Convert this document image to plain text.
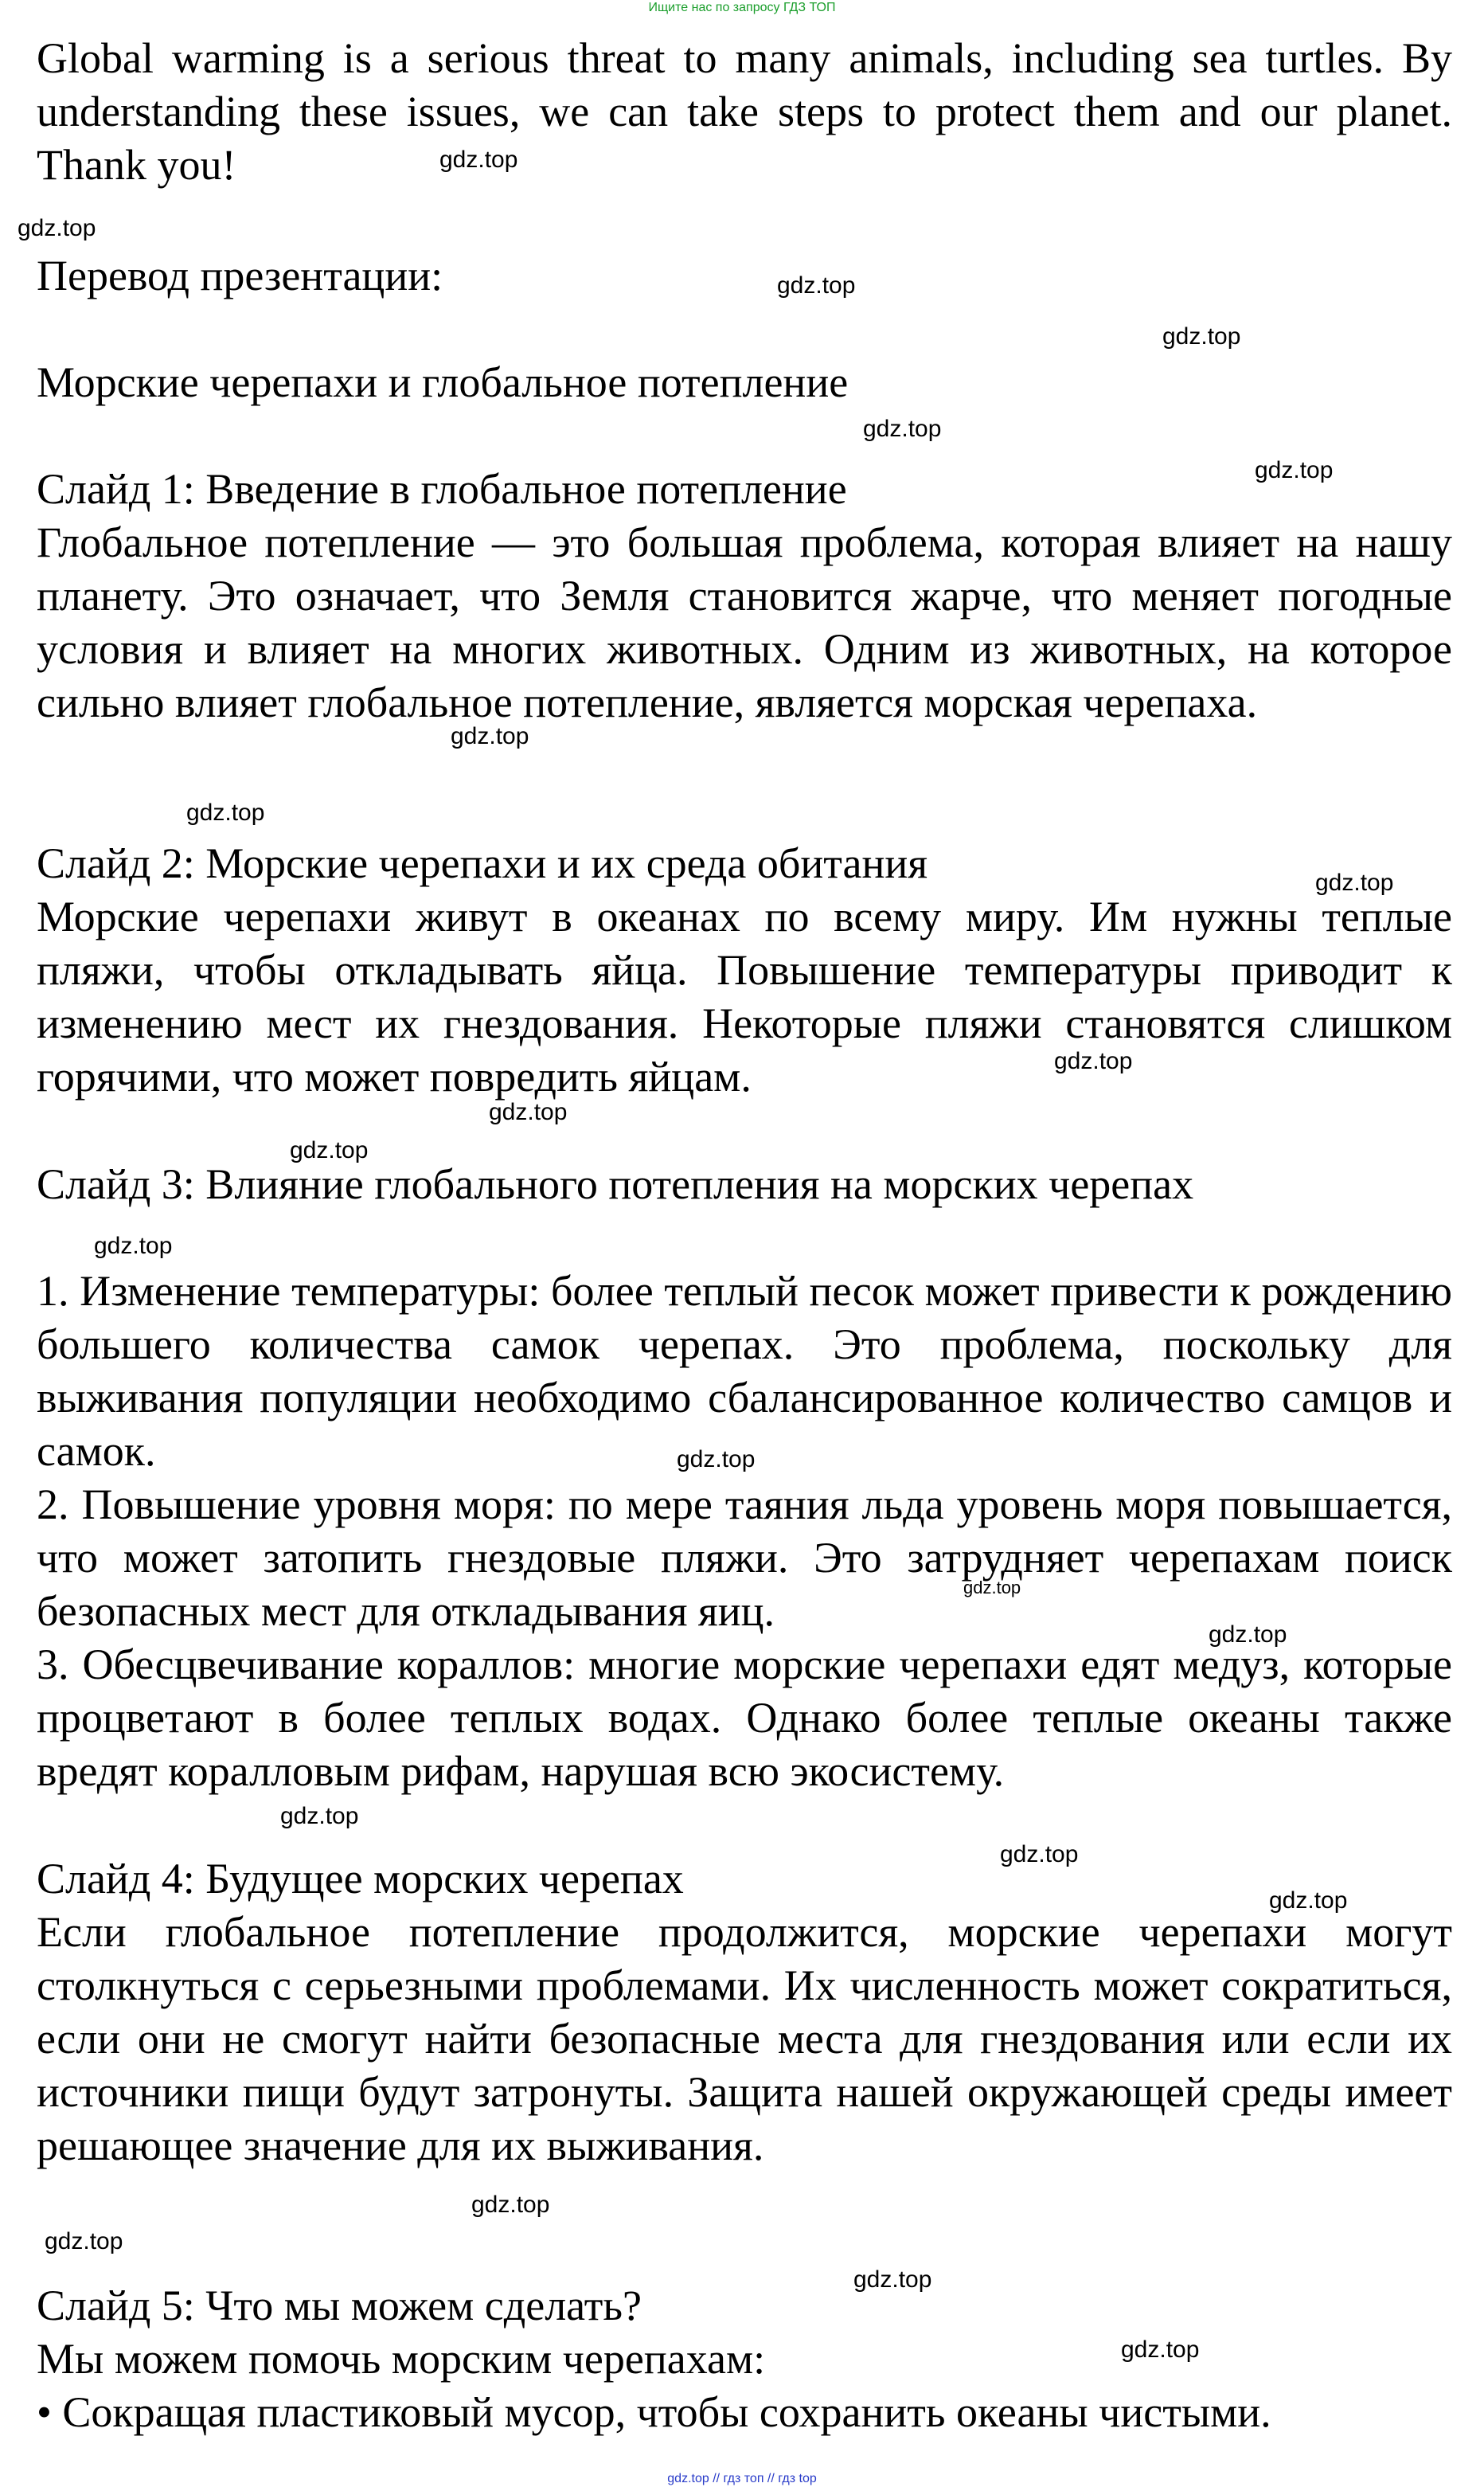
Ищите нас по запросу ГДЗ ТОП

Global warming is a serious threat to many animals, including sea turtles. By understanding these issues, we can take steps to protect them and our planet. Thank you!

Перевод презентации:

Морские черепахи и глобальное потепление

Слайд 1: Введение в глобальное потепление

Глобальное потепление — это большая проблема, которая влияет на нашу планету. Это означает, что Земля становится жарче, что меняет погодные условия и влияет на многих животных. Одним из животных, на которое сильно влияет глобальное потепление, является морская черепаха.

Слайд 2: Морские черепахи и их среда обитания

Морские черепахи живут в океанах по всему миру. Им нужны теплые пляжи, чтобы откладывать яйца. Повышение температуры приводит к изменению мест их гнездования. Некоторые пляжи становятся слишком горячими, что может повредить яйцам.

Слайд 3: Влияние глобального потепления на морских черепах

1. Изменение температуры: более теплый песок может привести к рождению большего количества самок черепах. Это проблема, поскольку для выживания популяции необходимо сбалансированное количество самцов и самок.

2. Повышение уровня моря: по мере таяния льда уровень моря повышается, что может затопить гнездовые пляжи. Это затрудняет черепахам поиск безопасных мест для откладывания яиц.

3. Обесцвечивание кораллов: многие морские черепахи едят медуз, которые процветают в более теплых водах. Однако более теплые океаны также вредят коралловым рифам, нарушая всю экосистему.

Слайд 4: Будущее морских черепах

Если глобальное потепление продолжится, морские черепахи могут столкнуться с серьезными проблемами. Их численность может сократиться, если они не смогут найти безопасные места для гнездования или если их источники пищи будут затронуты. Защита нашей окружающей среды имеет решающее значение для их выживания.

Слайд 5: Что мы можем сделать?

Мы можем помочь морским черепахам:

• Сокращая пластиковый мусор, чтобы сохранить океаны чистыми.

gdz.top
gdz.top
gdz.top
gdz.top
gdz.top
gdz.top
gdz.top
gdz.top
gdz.top
gdz.top
gdz.top
gdz.top
gdz.top
gdz.top
gdz.top
gdz.top
gdz.top
gdz.top
gdz.top
gdz.top
gdz.top
gdz.top
gdz.top
gdz.top // гдз топ // гдз top
